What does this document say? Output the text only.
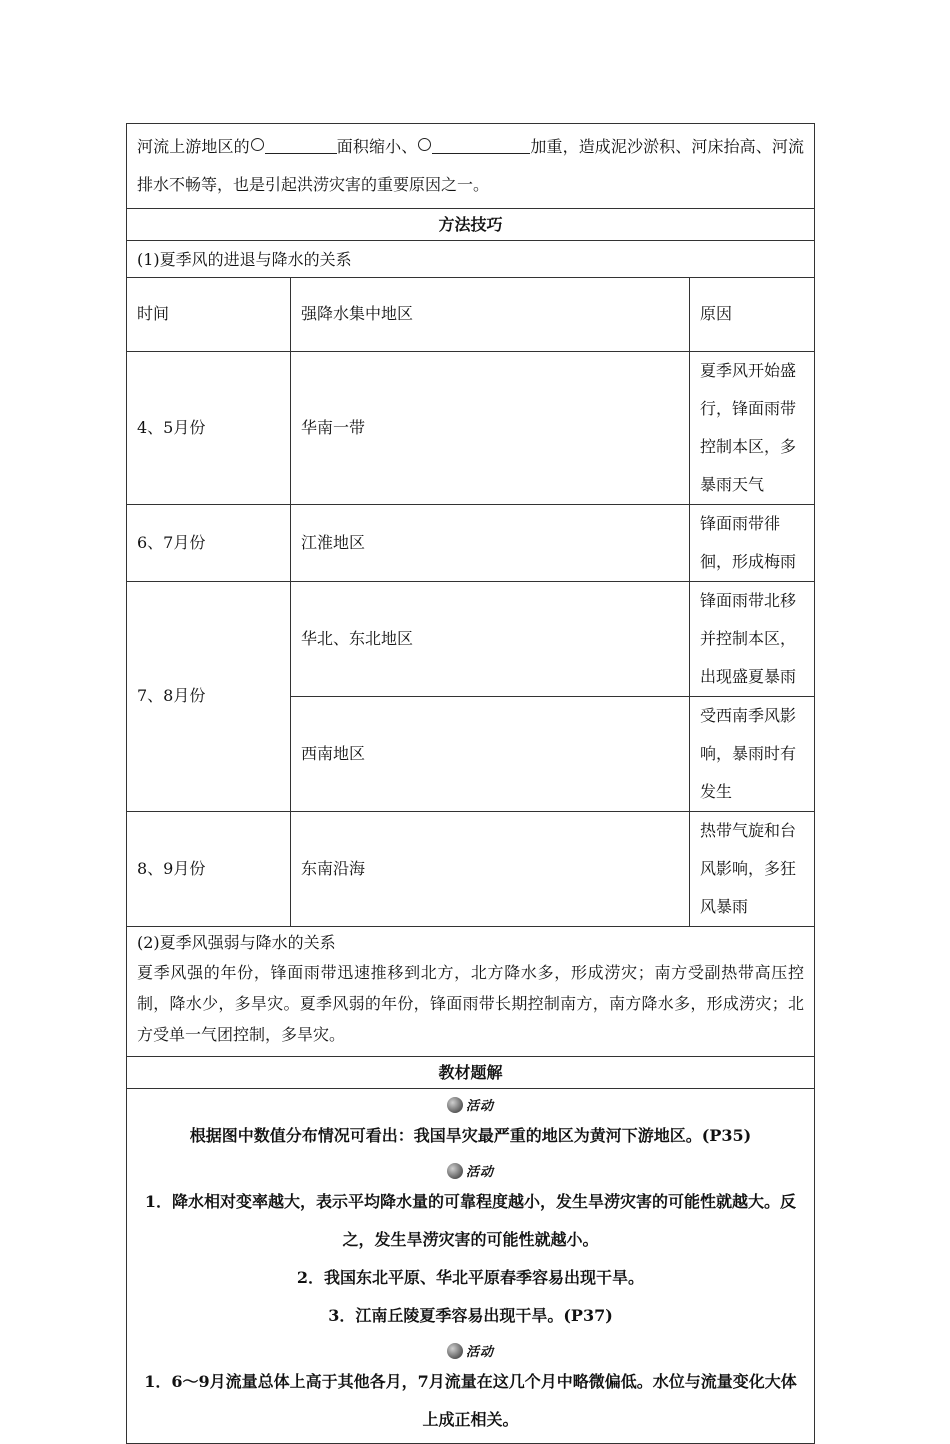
河流上游地区的	面积缩小、	加重，造成泥沙淤积、河床抬高、河流排水不畅等，也是引起洪涝灾害的重要原因之一。
方法技巧
(1)夏季风的进退与降水的关系
时间	强降水集中地区	原因
4、5月份	华南一带	夏季风开始盛行，锋面雨带控制本区，多暴雨天气
6、7月份	江淮地区	锋面雨带徘徊，形成梅雨
7、8月份	华北、东北地区	锋面雨带北移并控制本区，出现盛夏暴雨
	西南地区	受西南季风影响，暴雨时有发生
8、9月份	东南沿海	热带气旋和台风影响，多狂风暴雨
(2)夏季风强弱与降水的关系
夏季风强的年份，锋面雨带迅速推移到北方，北方降水多，形成涝灾；南方受副热带高压控制，降水少，多旱灾。夏季风弱的年份，锋面雨带长期控制南方，南方降水多，形成涝灾；北方受单一气团控制，多旱灾。
教材题解
活动
根据图中数值分布情况可看出：我国旱灾最严重的地区为黄河下游地区。(P35)
活动
1．降水相对变率越大，表示平均降水量的可靠程度越小，发生旱涝灾害的可能性就越大。反之，发生旱涝灾害的可能性就越小。
2．我国东北平原、华北平原春季容易出现干旱。
3．江南丘陵夏季容易出现干旱。(P37)
活动
1．6～9月流量总体上高于其他各月，7月流量在这几个月中略微偏低。水位与流量变化大体上成正相关。
